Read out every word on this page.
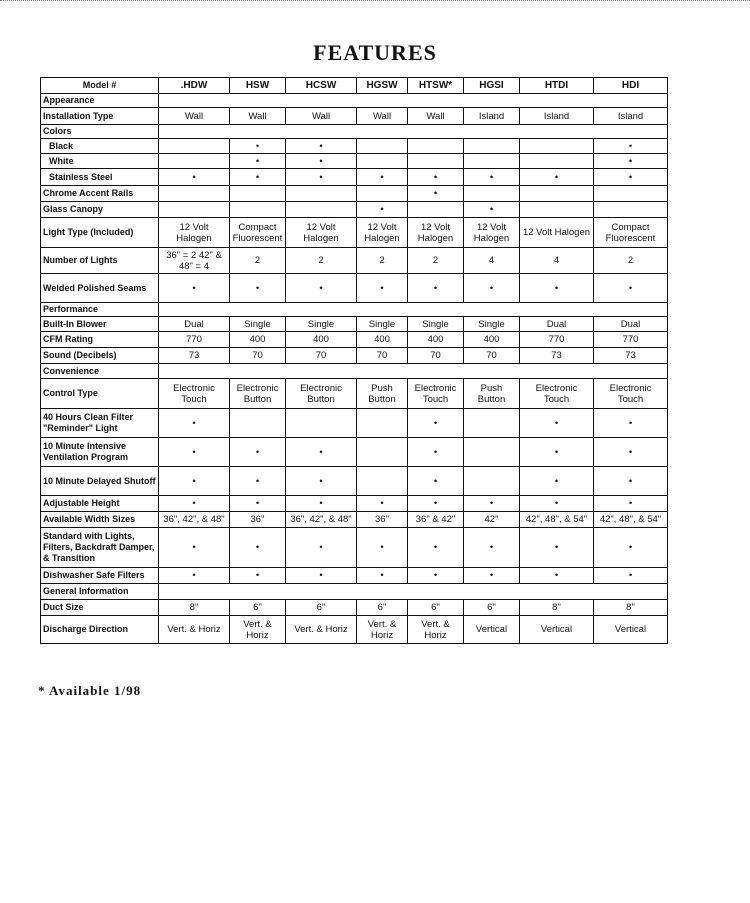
FEATURES
Model #	.HDW	HSW	HCSW	HGSW	HTSW*	HGSI	HTDI	HDI
Appearance								
Installation Type	Wall	Wall	Wall	Wall	Wall	Island	Island	Island
Colors								
Black		•	•					•
White		•	•					•
Stainless Steel	•	•	•	•	•	•	•	•
Chrome Accent Rails					•			
Glass Canopy				•		•		
Light Type (Included)	12 Volt Halogen	Compact Fluorescent	12 Volt Halogen	12 Volt Halogen	12 Volt Halogen	12 Volt Halogen	12 Volt Halogen	Compact Fluorescent
Number of Lights	36" = 2 42" & 48" = 4	2	2	2	2	4	4	2
Welded Polished Seams	•	•	•	•	•	•	•	•
Performance								
Built-In Blower	Dual	Single	Single	Single	Single	Single	Dual	Dual
CFM Rating	770	400	400	400	400	400	770	770
Sound (Decibels)	73	70	70	70	70	70	73	73
Convenience								
Control Type	Electronic Touch	Electronic Button	Electronic Button	Push Button	Electronic Touch	Push Button	Electronic Touch	Electronic Touch
40 Hours Clean Filter "Reminder" Light	•				•		•	•
10 Minute Intensive Ventilation Program	•	•	•		•		•	•
10 Minute Delayed Shutoff	•	•	•		•		•	•
Adjustable Height	•	•	•	•	•	•	•	•
Available Width Sizes	36", 42", & 48"	36"	36", 42", & 48"	36"	36" & 42"	42"	42", 48", & 54"	42", 48", & 54"
Standard with Lights, Filters, Backdraft Damper, & Transition	•	•	•	•	•	•	•	•
Dishwasher Safe Filters	•	•	•	•	•	•	•	•
General Information								
Duct Size	8"	6"	6"	6"	6"	6"	8"	8"
Discharge Direction	Vert. & Horiz	Vert. & Horiz	Vert. & Horiz	Vert. & Horiz	Vert. & Horiz	Vertical	Vertical	Vertical
* Available 1/98
